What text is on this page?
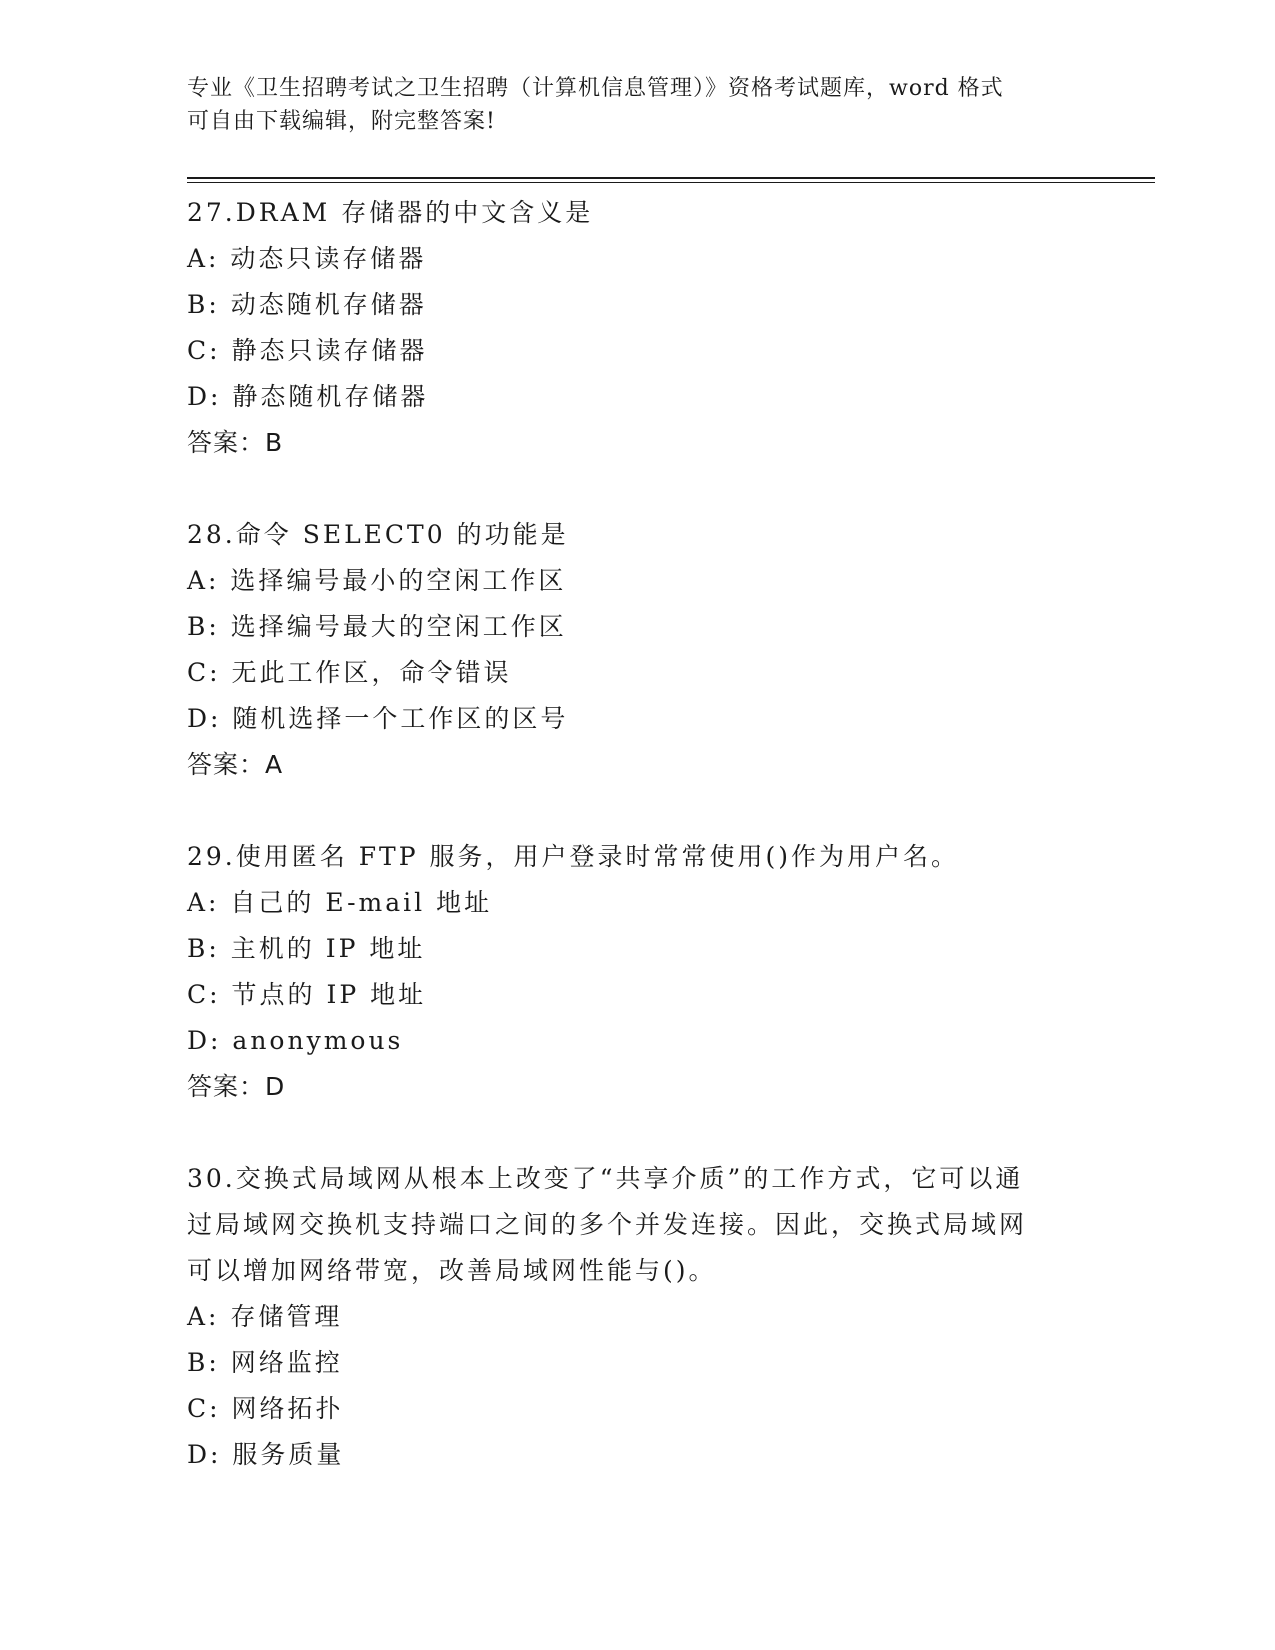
专业《卫生招聘考试之卫生招聘（计算机信息管理）》资格考试题库，word 格式
可自由下载编辑，附完整答案!
27.DRAM 存储器的中文含义是
A: 动态只读存储器
B: 动态随机存储器
C: 静态只读存储器
D: 静态随机存储器
答案：B
28.命令 SELECT0 的功能是
A: 选择编号最小的空闲工作区
B: 选择编号最大的空闲工作区
C: 无此工作区，命令错误
D: 随机选择一个工作区的区号
答案：A
29.使用匿名 FTP 服务，用户登录时常常使用()作为用户名。
A: 自己的 E-mail 地址
B: 主机的 IP 地址
C: 节点的 IP 地址
D: anonymous
答案：D
30.交换式局域网从根本上改变了“共享介质”的工作方式，它可以通
过局域网交换机支持端口之间的多个并发连接。因此，交换式局域网
可以增加网络带宽，改善局域网性能与()。
A: 存储管理
B: 网络监控
C: 网络拓扑
D: 服务质量
